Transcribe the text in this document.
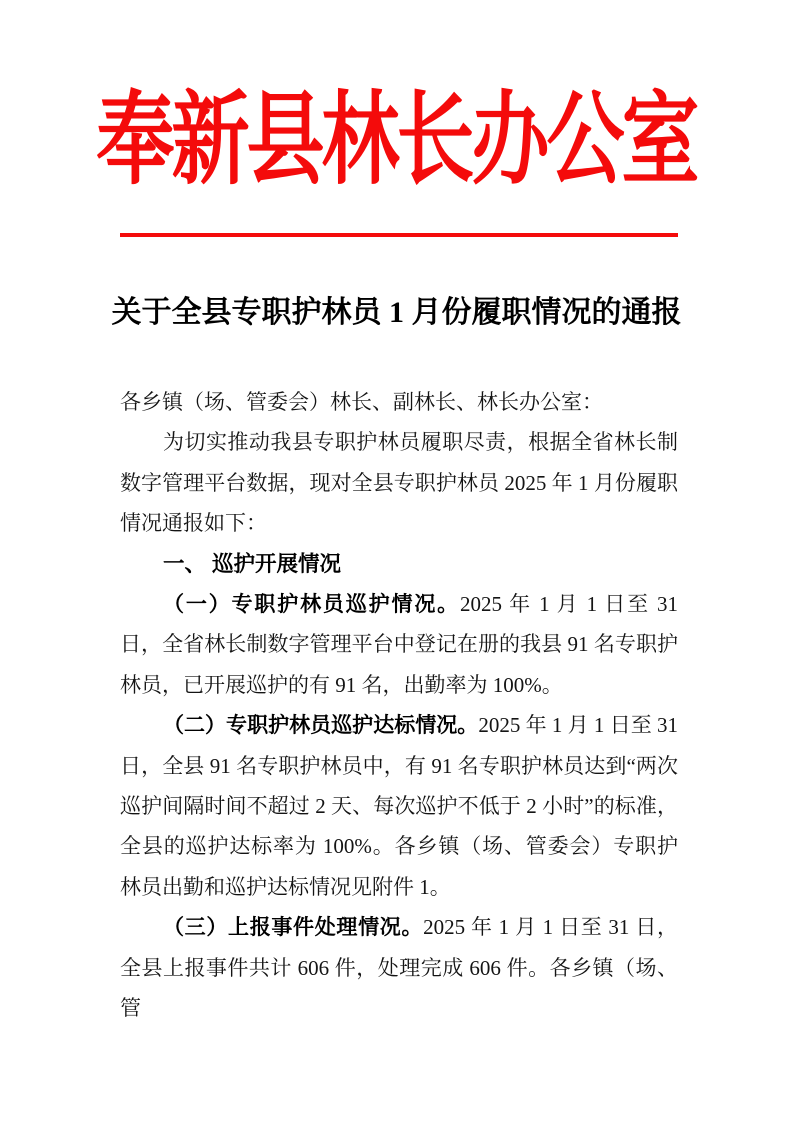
奉新县林长办公室
关于全县专职护林员 1 月份履职情况的通报

各乡镇（场、管委会）林长、副林长、林长办公室：

为切实推动我县专职护林员履职尽责，根据全省林长制数字管理平台数据，现对全县专职护林员 2025 年 1 月份履职情况通报如下：

一、 巡护开展情况

（一）专职护林员巡护情况。2025 年 1 月 1 日至 31 日，全省林长制数字管理平台中登记在册的我县 91 名专职护林员，已开展巡护的有 91 名，出勤率为 100%。

（二）专职护林员巡护达标情况。2025 年 1 月 1 日至 31 日，全县 91 名专职护林员中，有 91 名专职护林员达到“两次巡护间隔时间不超过 2 天、每次巡护不低于 2 小时”的标准，全县的巡护达标率为 100%。各乡镇（场、管委会）专职护林员出勤和巡护达标情况见附件 1。

（三）上报事件处理情况。2025 年 1 月 1 日至 31 日，全县上报事件共计 606 件，处理完成 606 件。各乡镇（场、管
